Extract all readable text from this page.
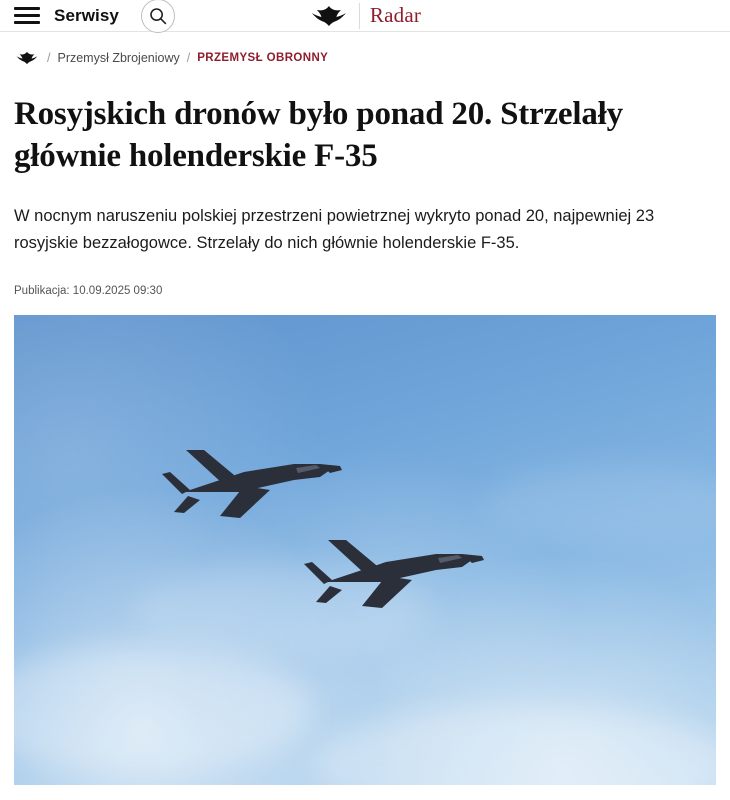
Serwisy	Radar
/ Przemysł Zbrojeniowy / PRZEMYSŁ OBRONNY
Rosyjskich dronów było ponad 20. Strzelały głównie holenderskie F-35

W nocnym naruszeniu polskiej przestrzeni powietrznej wykryto ponad 20, najpewniej 23 rosyjskie bezzałogowce. Strzelały do nich głównie holenderskie F-35.

Publikacja: 10.09.2025 09:30
